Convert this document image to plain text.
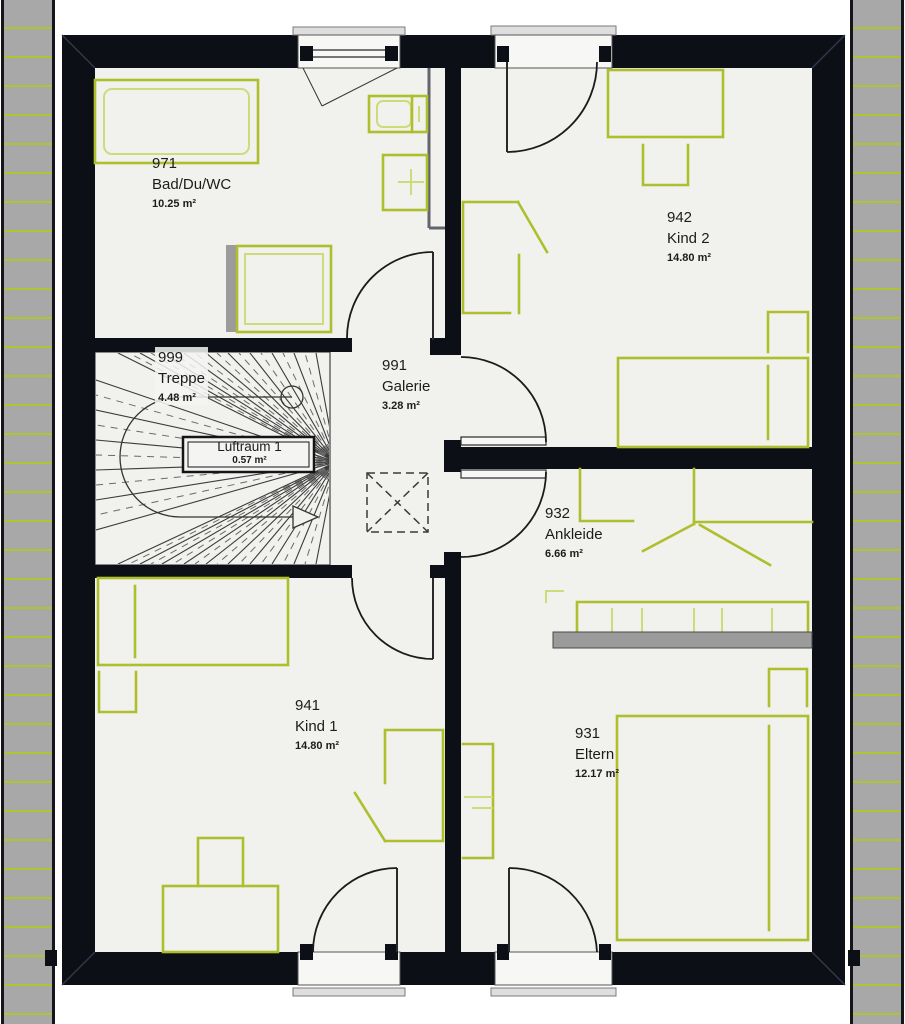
971
Bad/Du/WC
10.25 m²
942
Kind 2
14.80 m²
999
Treppe
4.48 m²
991
Galerie
3.28 m²
932
Ankleide
6.66 m²
941
Kind 1
14.80 m²
931
Eltern
12.17 m²
Luftraum 1
0.57 m²
